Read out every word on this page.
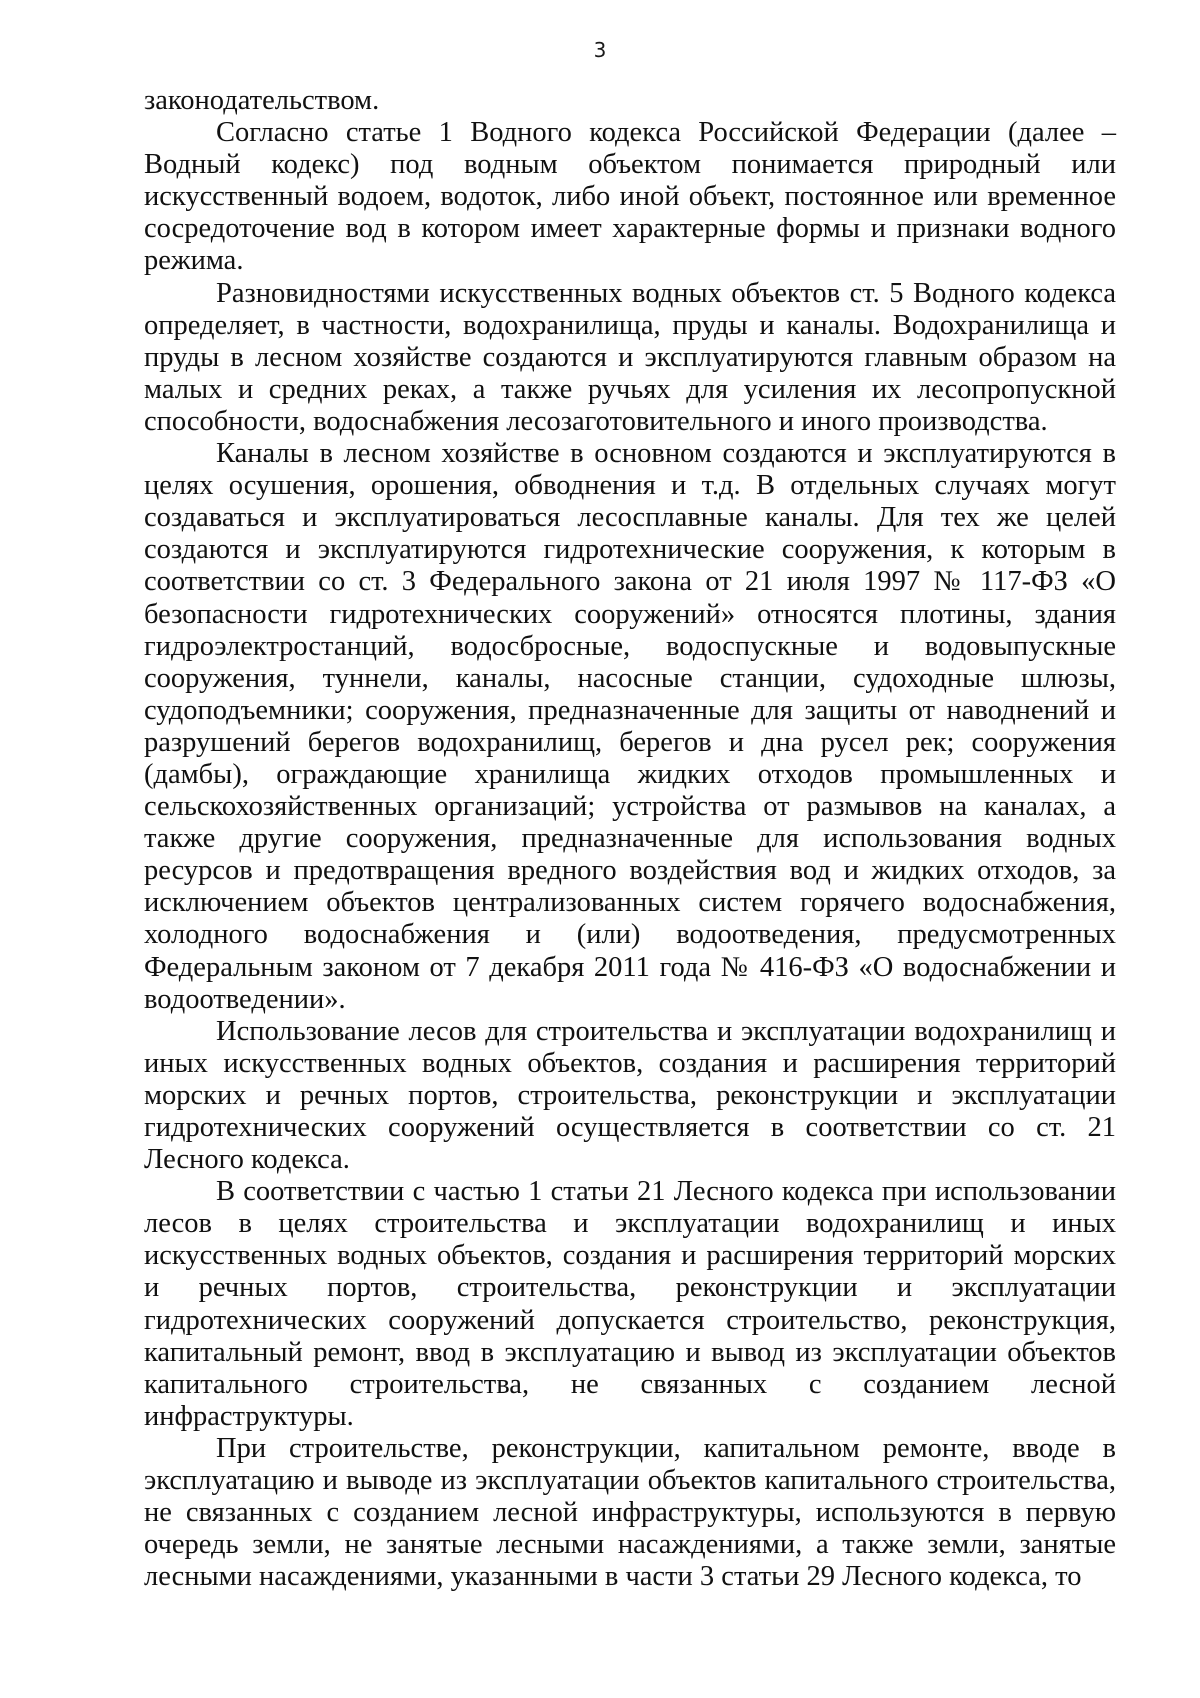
3

законодательством.

Согласно статье 1 Водного кодекса Российской Федерации (далее – Водный кодекс) под водным объектом понимается природный или искусственный водоем, водоток, либо иной объект, постоянное или временное сосредоточение вод в котором имеет характерные формы и признаки водного режима.

Разновидностями искусственных водных объектов ст. 5 Водного кодекса определяет, в частности, водохранилища, пруды и каналы. Водохранилища и пруды в лесном хозяйстве создаются и эксплуатируются главным образом на малых и средних реках, а также ручьях для усиления их лесопропускной способности, водоснабжения лесозаготовительного и иного производства.

Каналы в лесном хозяйстве в основном создаются и эксплуатируются в целях осушения, орошения, обводнения и т.д. В отдельных случаях могут создаваться и эксплуатироваться лесосплавные каналы. Для тех же целей создаются и эксплуатируются гидротехнические сооружения, к которым в соответствии со ст. 3 Федерального закона от 21 июля 1997 № 117-ФЗ «О безопасности гидротехнических сооружений» относятся плотины, здания гидроэлектростанций, водосбросные, водоспускные и водовыпускные сооружения, туннели, каналы, насосные станции, судоходные шлюзы, судоподъемники; сооружения, предназначенные для защиты от наводнений и разрушений берегов водохранилищ, берегов и дна русел рек; сооружения (дамбы), ограждающие хранилища жидких отходов промышленных и сельскохозяйственных организаций; устройства от размывов на каналах, а также другие сооружения, предназначенные для использования водных ресурсов и предотвращения вредного воздействия вод и жидких отходов, за исключением объектов централизованных систем горячего водоснабжения, холодного водоснабжения и (или) водоотведения, предусмотренных Федеральным законом от 7 декабря 2011 года № 416-ФЗ «О водоснабжении и водоотведении».

Использование лесов для строительства и эксплуатации водохранилищ и иных искусственных водных объектов, создания и расширения территорий морских и речных портов, строительства, реконструкции и эксплуатации гидротехнических сооружений осуществляется в соответствии со ст. 21 Лесного кодекса.

В соответствии с частью 1 статьи 21 Лесного кодекса при использовании лесов в целях строительства и эксплуатации водохранилищ и иных искусственных водных объектов, создания и расширения территорий морских и речных портов, строительства, реконструкции и эксплуатации гидротехнических сооружений допускается строительство, реконструкция, капитальный ремонт, ввод в эксплуатацию и вывод из эксплуатации объектов капитального строительства, не связанных с созданием лесной инфраструктуры.

При строительстве, реконструкции, капитальном ремонте, вводе в эксплуатацию и выводе из эксплуатации объектов капитального строительства, не связанных с созданием лесной инфраструктуры, используются в первую очередь земли, не занятые лесными насаждениями, а также земли, занятые лесными насаждениями, указанными в части 3 статьи 29 Лесного кодекса, то
